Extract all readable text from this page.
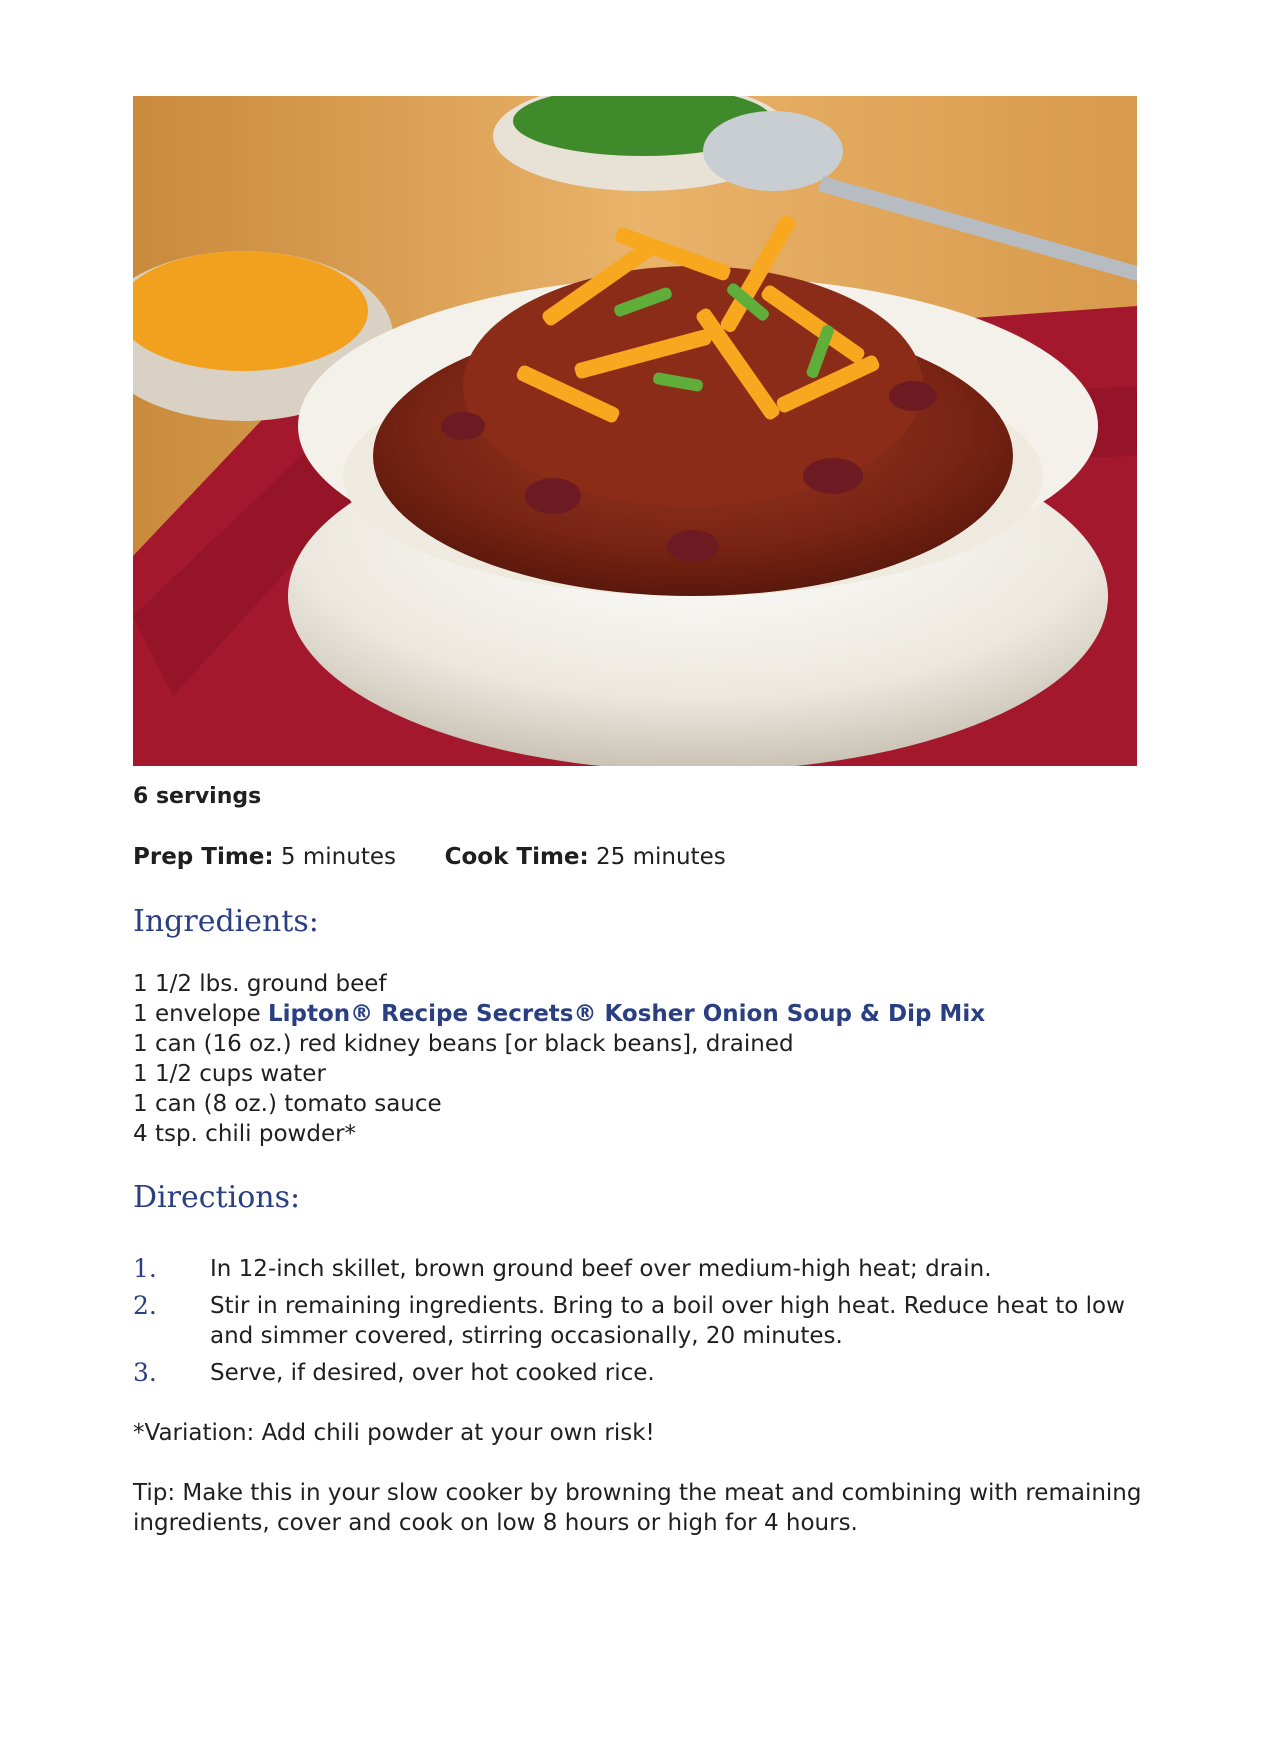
6 servings
Prep Time: 5 minutes Cook Time: 25 minutes
Ingredients:
1 1/2 lbs. ground beef
1 envelope Lipton® Recipe Secrets® Kosher Onion Soup & Dip Mix
1 can (16 oz.) red kidney beans [or black beans], drained
1 1/2 cups water
1 can (8 oz.) tomato sauce
4 tsp. chili powder*
Directions:
1. In 12-inch skillet, brown ground beef over medium-high heat; drain.
2. Stir in remaining ingredients. Bring to a boil over high heat. Reduce heat to low and simmer covered, stirring occasionally, 20 minutes.
3. Serve, if desired, over hot cooked rice.
*Variation: Add chili powder at your own risk!
Tip: Make this in your slow cooker by browning the meat and combining with remaining ingredients, cover and cook on low 8 hours or high for 4 hours.
